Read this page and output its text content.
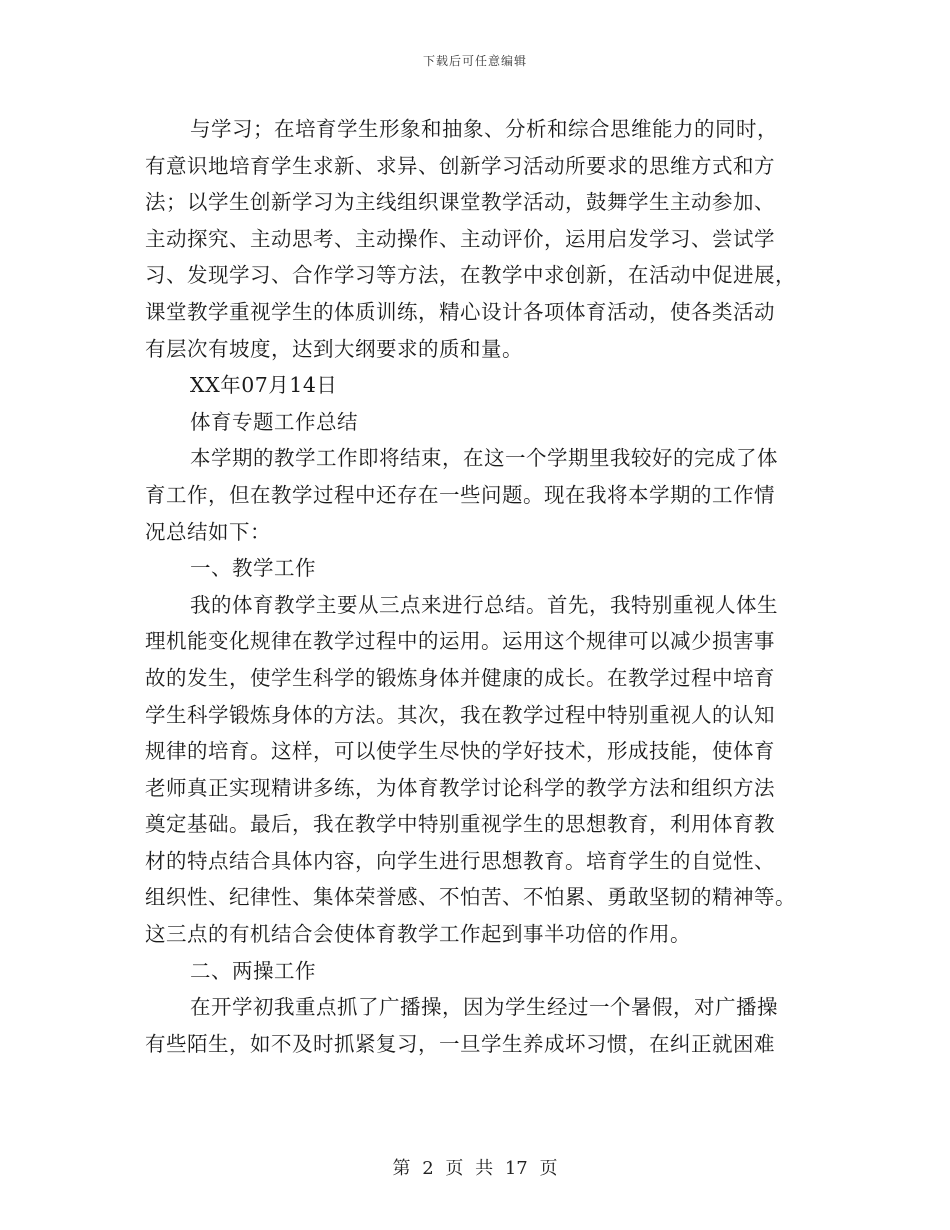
下载后可任意编辑
与学习；在培育学生形象和抽象、分析和综合思维能力的同时，
有意识地培育学生求新、求异、创新学习活动所要求的思维方式和方
法；以学生创新学习为主线组织课堂教学活动，鼓舞学生主动参加、
主动探究、主动思考、主动操作、主动评价，运用启发学习、尝试学
习、发现学习、合作学习等方法，在教学中求创新，在活动中促进展，
课堂教学重视学生的体质训练，精心设计各项体育活动，使各类活动
有层次有坡度，达到大纲要求的质和量。
XX年07月14日
体育专题工作总结
本学期的教学工作即将结束，在这一个学期里我较好的完成了体
育工作，但在教学过程中还存在一些问题。现在我将本学期的工作情
况总结如下：
一、教学工作
我的体育教学主要从三点来进行总结。首先，我特别重视人体生
理机能变化规律在教学过程中的运用。运用这个规律可以减少损害事
故的发生，使学生科学的锻炼身体并健康的成长。在教学过程中培育
学生科学锻炼身体的方法。其次，我在教学过程中特别重视人的认知
规律的培育。这样，可以使学生尽快的学好技术，形成技能，使体育
老师真正实现精讲多练，为体育教学讨论科学的教学方法和组织方法
奠定基础。最后，我在教学中特别重视学生的思想教育，利用体育教
材的特点结合具体内容，向学生进行思想教育。培育学生的自觉性、
组织性、纪律性、集体荣誉感、不怕苦、不怕累、勇敢坚韧的精神等。
这三点的有机结合会使体育教学工作起到事半功倍的作用。
二、两操工作
在开学初我重点抓了广播操，因为学生经过一个暑假，对广播操
有些陌生，如不及时抓紧复习，一旦学生养成坏习惯，在纠正就困难
第 2 页 共 17 页
